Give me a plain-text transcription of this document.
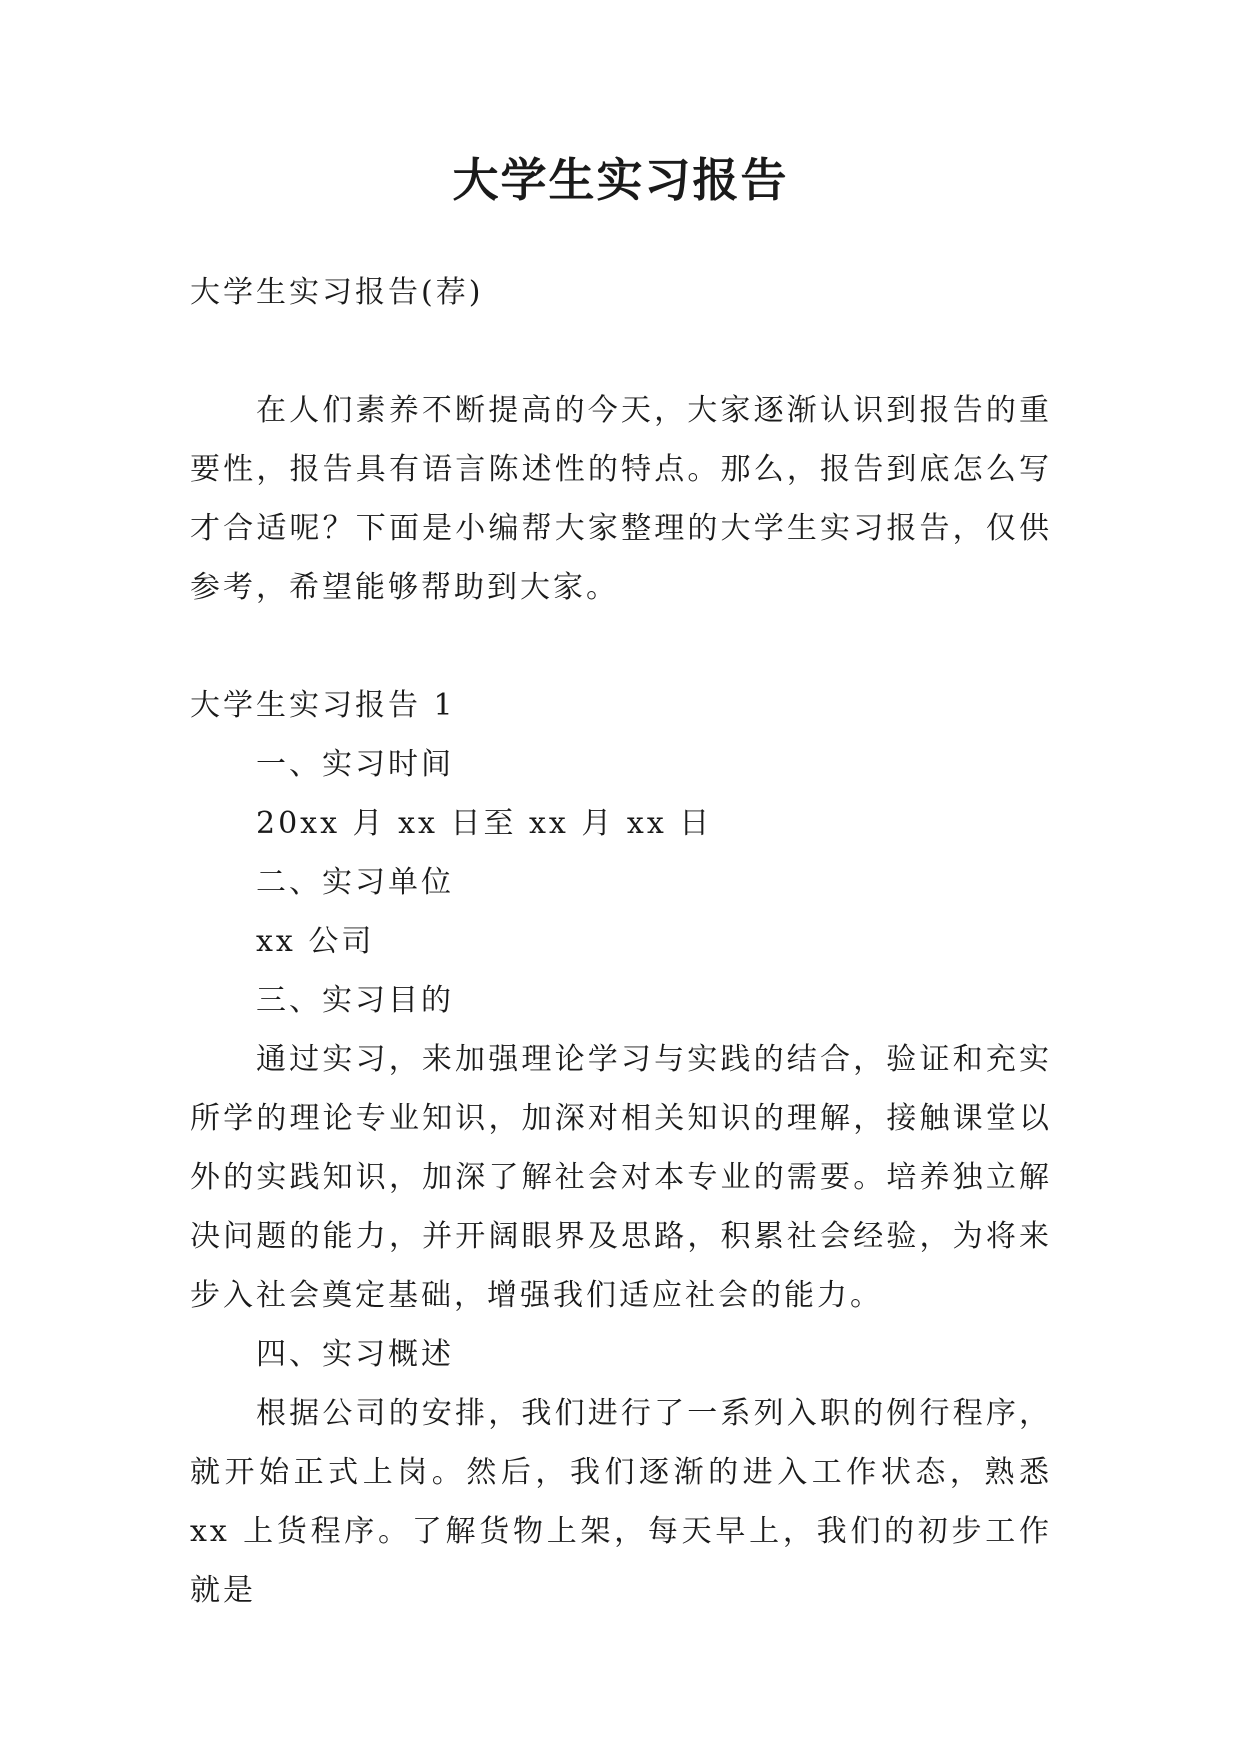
大学生实习报告
大学生实习报告(荐)
在人们素养不断提高的今天，大家逐渐认识到报告的重要性，报告具有语言陈述性的特点。那么，报告到底怎么写才合适呢？下面是小编帮大家整理的大学生实习报告，仅供参考，希望能够帮助到大家。
大学生实习报告 1
一、实习时间
20xx 月 xx 日至 xx 月 xx 日
二、实习单位
xx 公司
三、实习目的
通过实习，来加强理论学习与实践的结合，验证和充实所学的理论专业知识，加深对相关知识的理解，接触课堂以外的实践知识，加深了解社会对本专业的需要。培养独立解决问题的能力，并开阔眼界及思路，积累社会经验，为将来步入社会奠定基础，增强我们适应社会的能力。
四、实习概述
根据公司的安排，我们进行了一系列入职的例行程序，就开始正式上岗。然后，我们逐渐的进入工作状态，熟悉 xx 上货程序。了解货物上架，每天早上，我们的初步工作就是
